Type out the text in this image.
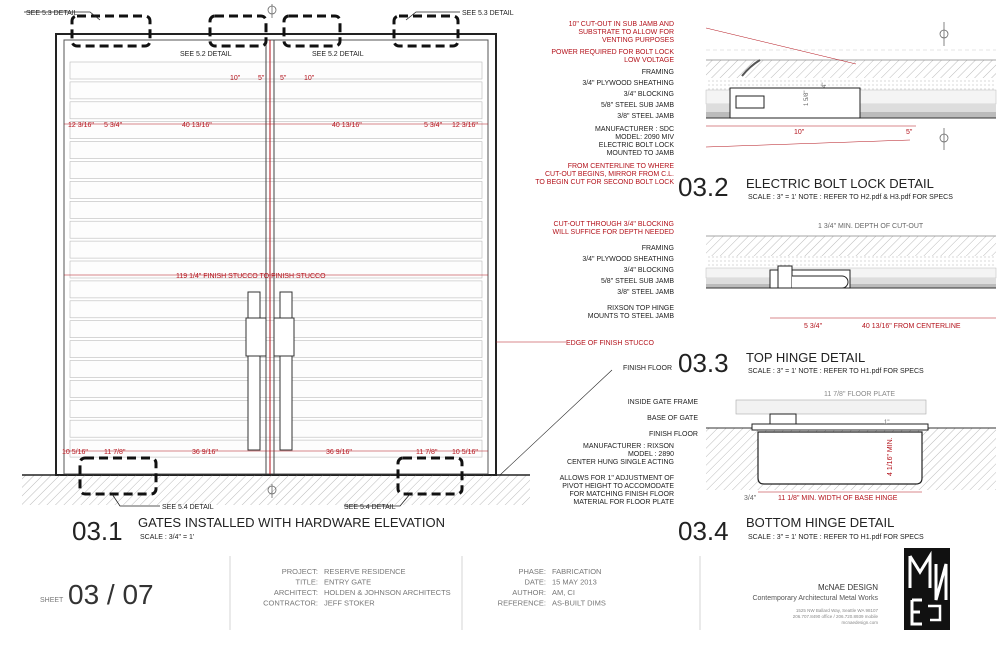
SEE 5.3 DETAIL	SEE 5.3 DETAIL
SEE 5.2 DETAIL	SEE 5.2 DETAIL
10"	5" 5"	10"
12 3/16" 5 3/4"	40 13/16"	40 13/16"	5 3/4" 12 3/16"
119 1/4" FINISH STUCCO TO FINISH STUCCO
10 5/16" 11 7/8"	36 9/16"	36 9/16"	11 7/8" 10 5/16"
SEE 5.4 DETAIL	SEE 5.4 DETAIL
EDGE OF FINISH STUCCO
FINISH FLOOR
03.1 GATES INSTALLED WITH HARDWARE ELEVATION
SCALE : 3/4" = 1'
10" CUT-OUT IN SUB JAMB AND
SUBSTRATE TO ALLOW FOR
VENTING PURPOSES
POWER REQUIRED FOR BOLT LOCK
LOW VOLTAGE
FRAMING
3/4" PLYWOOD SHEATHING
3/4" BLOCKING
5/8" STEEL SUB JAMB
3/8" STEEL JAMB
MANUFACTURER : SDC
MODEL: 2090 MIV
ELECTRIC BOLT LOCK
MOUNTED TO JAMB
FROM CENTERLINE TO WHERE
CUT-OUT BEGINS, MIRROR FROM C.L.
TO BEGIN CUT FOR SECOND BOLT LOCK
10"	5"
1 5/8"
4"
03.2 ELECTRIC BOLT LOCK DETAIL
SCALE : 3" = 1' NOTE : REFER TO H2.pdf & H3.pdf FOR SPECS
1 3/4" MIN. DEPTH OF CUT-OUT
CUT-OUT THROUGH 3/4" BLOCKING
WILL SUFFICE FOR DEPTH NEEDED
FRAMING
3/4" PLYWOOD SHEATHING
3/4" BLOCKING
5/8" STEEL SUB JAMB
3/8" STEEL JAMB
RIXSON TOP HINGE
MOUNTS TO STEEL JAMB
5 3/4"	40 13/16" FROM CENTERLINE
03.3 TOP HINGE DETAIL
SCALE : 3" = 1' NOTE : REFER TO H1.pdf FOR SPECS
11 7/8" FLOOR PLATE
1"
4 1/16" MIN.
3/4"	11 1/8" MIN. WIDTH OF BASE HINGE
INSIDE GATE FRAME
BASE OF GATE
FINISH FLOOR
MANUFACTURER : RIXSON
MODEL : 2890
CENTER HUNG SINGLE ACTING
ALLOWS FOR 1" ADJUSTMENT OF
PIVOT HEIGHT TO ACCOMODATE
FOR MATCHING FINISH FLOOR
MATERIAL FOR FLOOR PLATE
03.4 BOTTOM HINGE DETAIL
SCALE : 3" = 1' NOTE : REFER TO H1.pdf FOR SPECS
SHEET 03 / 07
PROJECT: RESERVE RESIDENCE
TITLE: ENTRY GATE
ARCHITECT: HOLDEN & JOHNSON ARCHITECTS
CONTRACTOR: JEFF STOKER
PHASE: FABRICATION
DATE: 15 MAY 2013
AUTHOR: AM, CI
REFERENCE: AS-BUILT DIMS
McNAE DESIGN
Contemporary Architectural Metal Works
1525 NW Ballard Way, Seattle WA 98107
206.707.8490 office / 206.720.8939 mobile
mcnaedesign.com
